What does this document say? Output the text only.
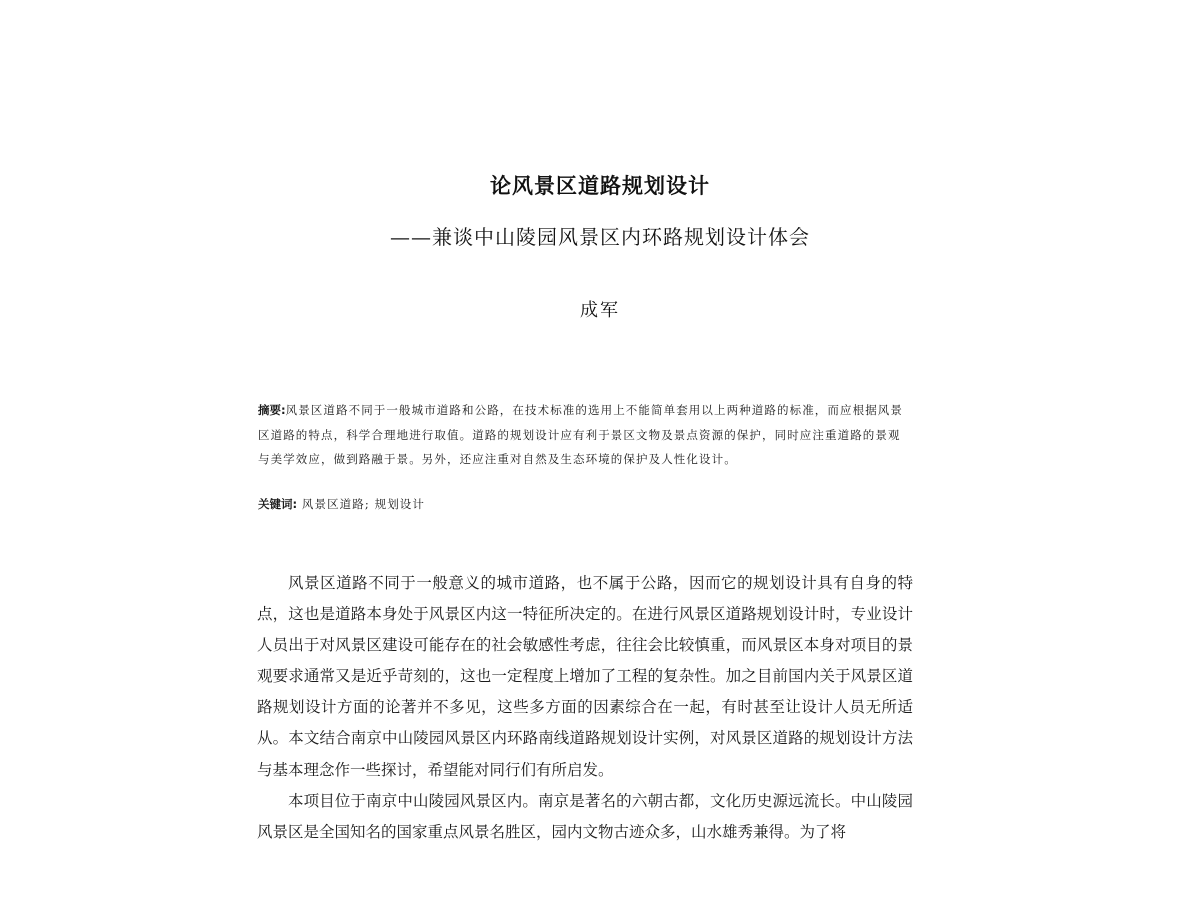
论风景区道路规划设计
——兼谈中山陵园风景区内环路规划设计体会
成军
摘要:风景区道路不同于一般城市道路和公路，在技术标准的选用上不能简单套用以上两种道路的标准，而应根据风景区道路的特点，科学合理地进行取值。道路的规划设计应有利于景区文物及景点资源的保护，同时应注重道路的景观与美学效应，做到路融于景。另外，还应注重对自然及生态环境的保护及人性化设计。
关键词: 风景区道路; 规划设计

风景区道路不同于一般意义的城市道路，也不属于公路，因而它的规划设计具有自身的特点，这也是道路本身处于风景区内这一特征所决定的。在进行风景区道路规划设计时，专业设计人员出于对风景区建设可能存在的社会敏感性考虑，往往会比较慎重，而风景区本身对项目的景观要求通常又是近乎苛刻的，这也一定程度上增加了工程的复杂性。加之目前国内关于风景区道路规划设计方面的论著并不多见，这些多方面的因素综合在一起，有时甚至让设计人员无所适从。本文结合南京中山陵园风景区内环路南线道路规划设计实例，对风景区道路的规划设计方法与基本理念作一些探讨，希望能对同行们有所启发。

本项目位于南京中山陵园风景区内。南京是著名的六朝古都，文化历史源远流长。中山陵园风景区是全国知名的国家重点风景名胜区，园内文物古迹众多，山水雄秀兼得。为了将
